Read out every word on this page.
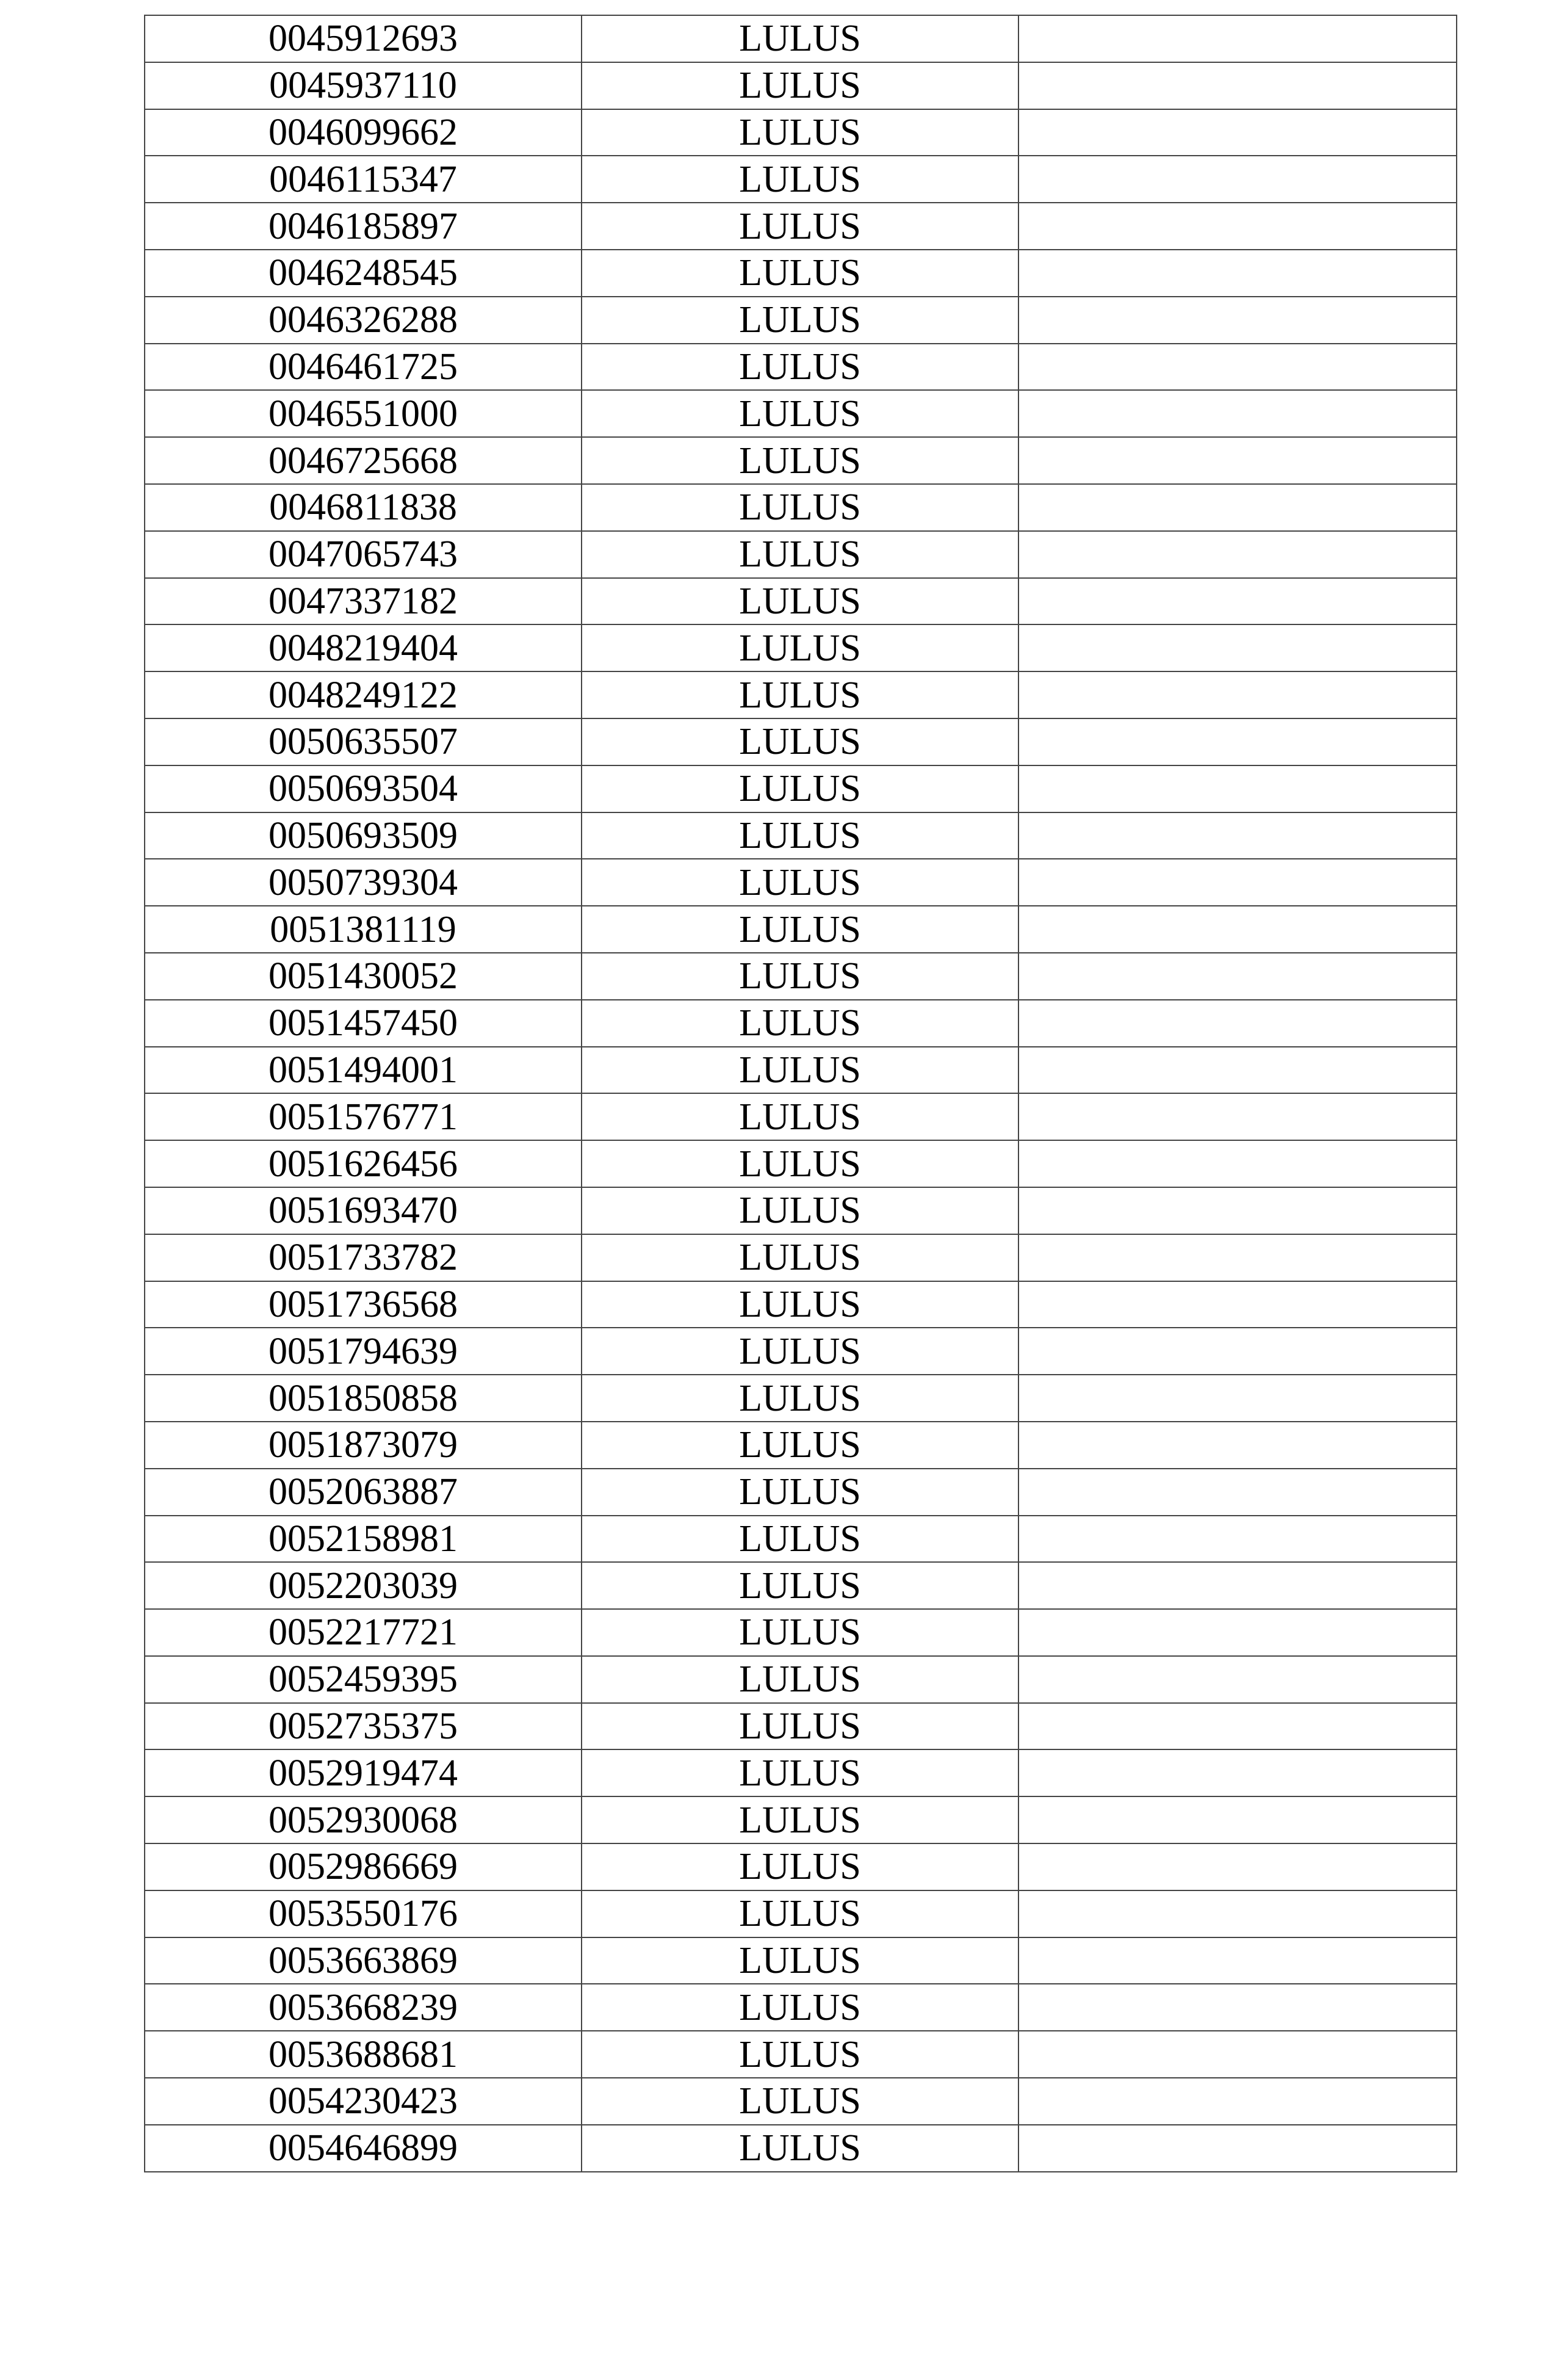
0045912693	LULUS	
0045937110	LULUS	
0046099662	LULUS	
0046115347	LULUS	
0046185897	LULUS	
0046248545	LULUS	
0046326288	LULUS	
0046461725	LULUS	
0046551000	LULUS	
0046725668	LULUS	
0046811838	LULUS	
0047065743	LULUS	
0047337182	LULUS	
0048219404	LULUS	
0048249122	LULUS	
0050635507	LULUS	
0050693504	LULUS	
0050693509	LULUS	
0050739304	LULUS	
0051381119	LULUS	
0051430052	LULUS	
0051457450	LULUS	
0051494001	LULUS	
0051576771	LULUS	
0051626456	LULUS	
0051693470	LULUS	
0051733782	LULUS	
0051736568	LULUS	
0051794639	LULUS	
0051850858	LULUS	
0051873079	LULUS	
0052063887	LULUS	
0052158981	LULUS	
0052203039	LULUS	
0052217721	LULUS	
0052459395	LULUS	
0052735375	LULUS	
0052919474	LULUS	
0052930068	LULUS	
0052986669	LULUS	
0053550176	LULUS	
0053663869	LULUS	
0053668239	LULUS	
0053688681	LULUS	
0054230423	LULUS	
0054646899	LULUS	
